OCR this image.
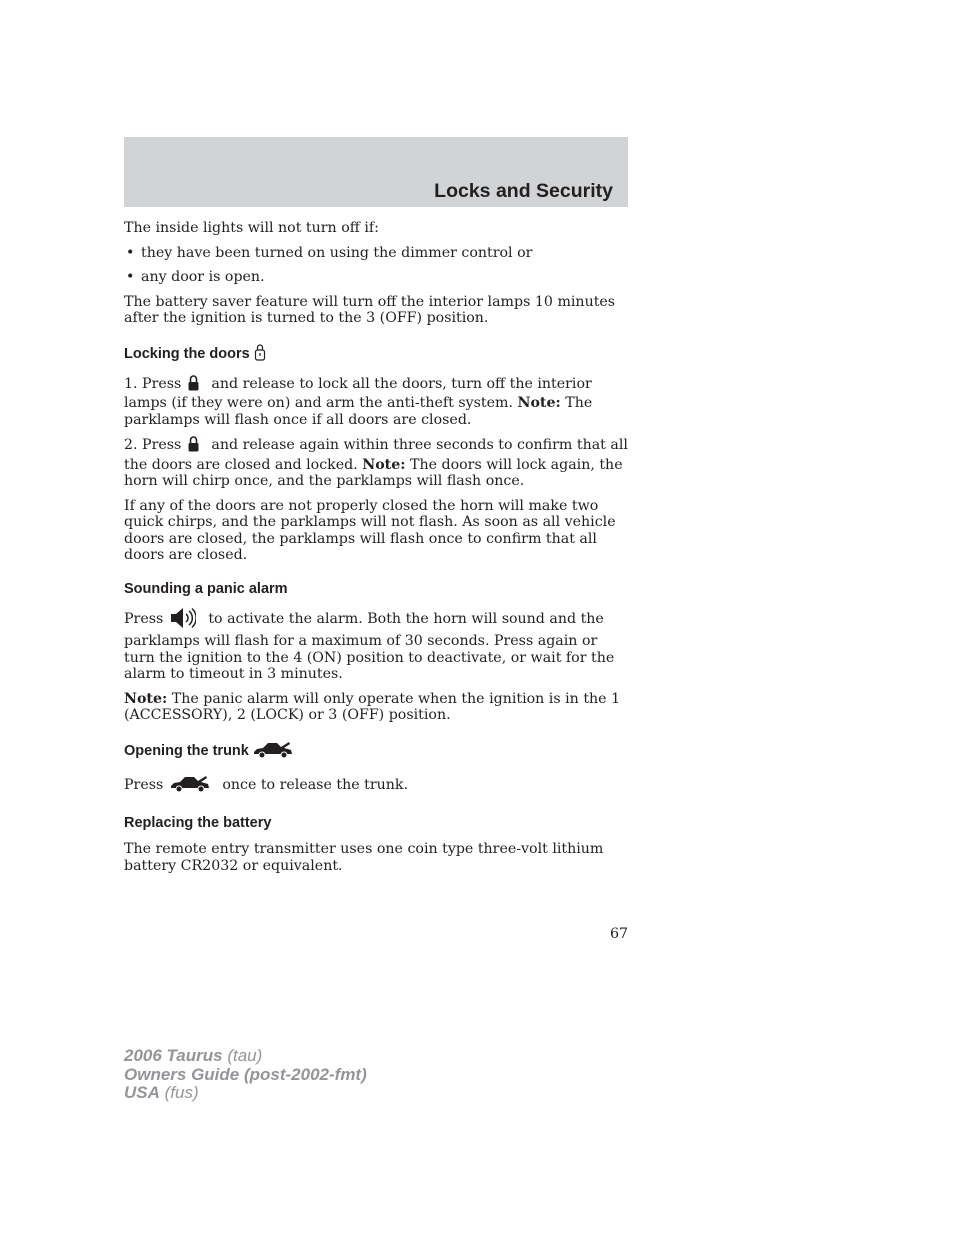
Locks and Security

The inside lights will not turn off if:

• they have been turned on using the dimmer control or
• any door is open.

The battery saver feature will turn off the interior lamps 10 minutes after the ignition is turned to the 3 (OFF) position.

Locking the doors

1. Press and release to lock all the doors, turn off the interior lamps (if they were on) and arm the anti-theft system. Note: The parklamps will flash once if all doors are closed.

2. Press and release again within three seconds to confirm that all the doors are closed and locked. Note: The doors will lock again, the horn will chirp once, and the parklamps will flash once.

If any of the doors are not properly closed the horn will make two quick chirps, and the parklamps will not flash. As soon as all vehicle doors are closed, the parklamps will flash once to confirm that all doors are closed.

Sounding a panic alarm

Press	to activate the alarm. Both the horn will sound and the parklamps will flash for a maximum of 30 seconds. Press again or turn the ignition to the 4 (ON) position to deactivate, or wait for the alarm to timeout in 3 minutes.

Note: The panic alarm will only operate when the ignition is in the 1 (ACCESSORY), 2 (LOCK) or 3 (OFF) position.

Opening the trunk

Press	once to release the trunk.

Replacing the battery

The remote entry transmitter uses one coin type three-volt lithium battery CR2032 or equivalent.

67
2006 Taurus (tau)
Owners Guide (post-2002-fmt)
USA (fus)
